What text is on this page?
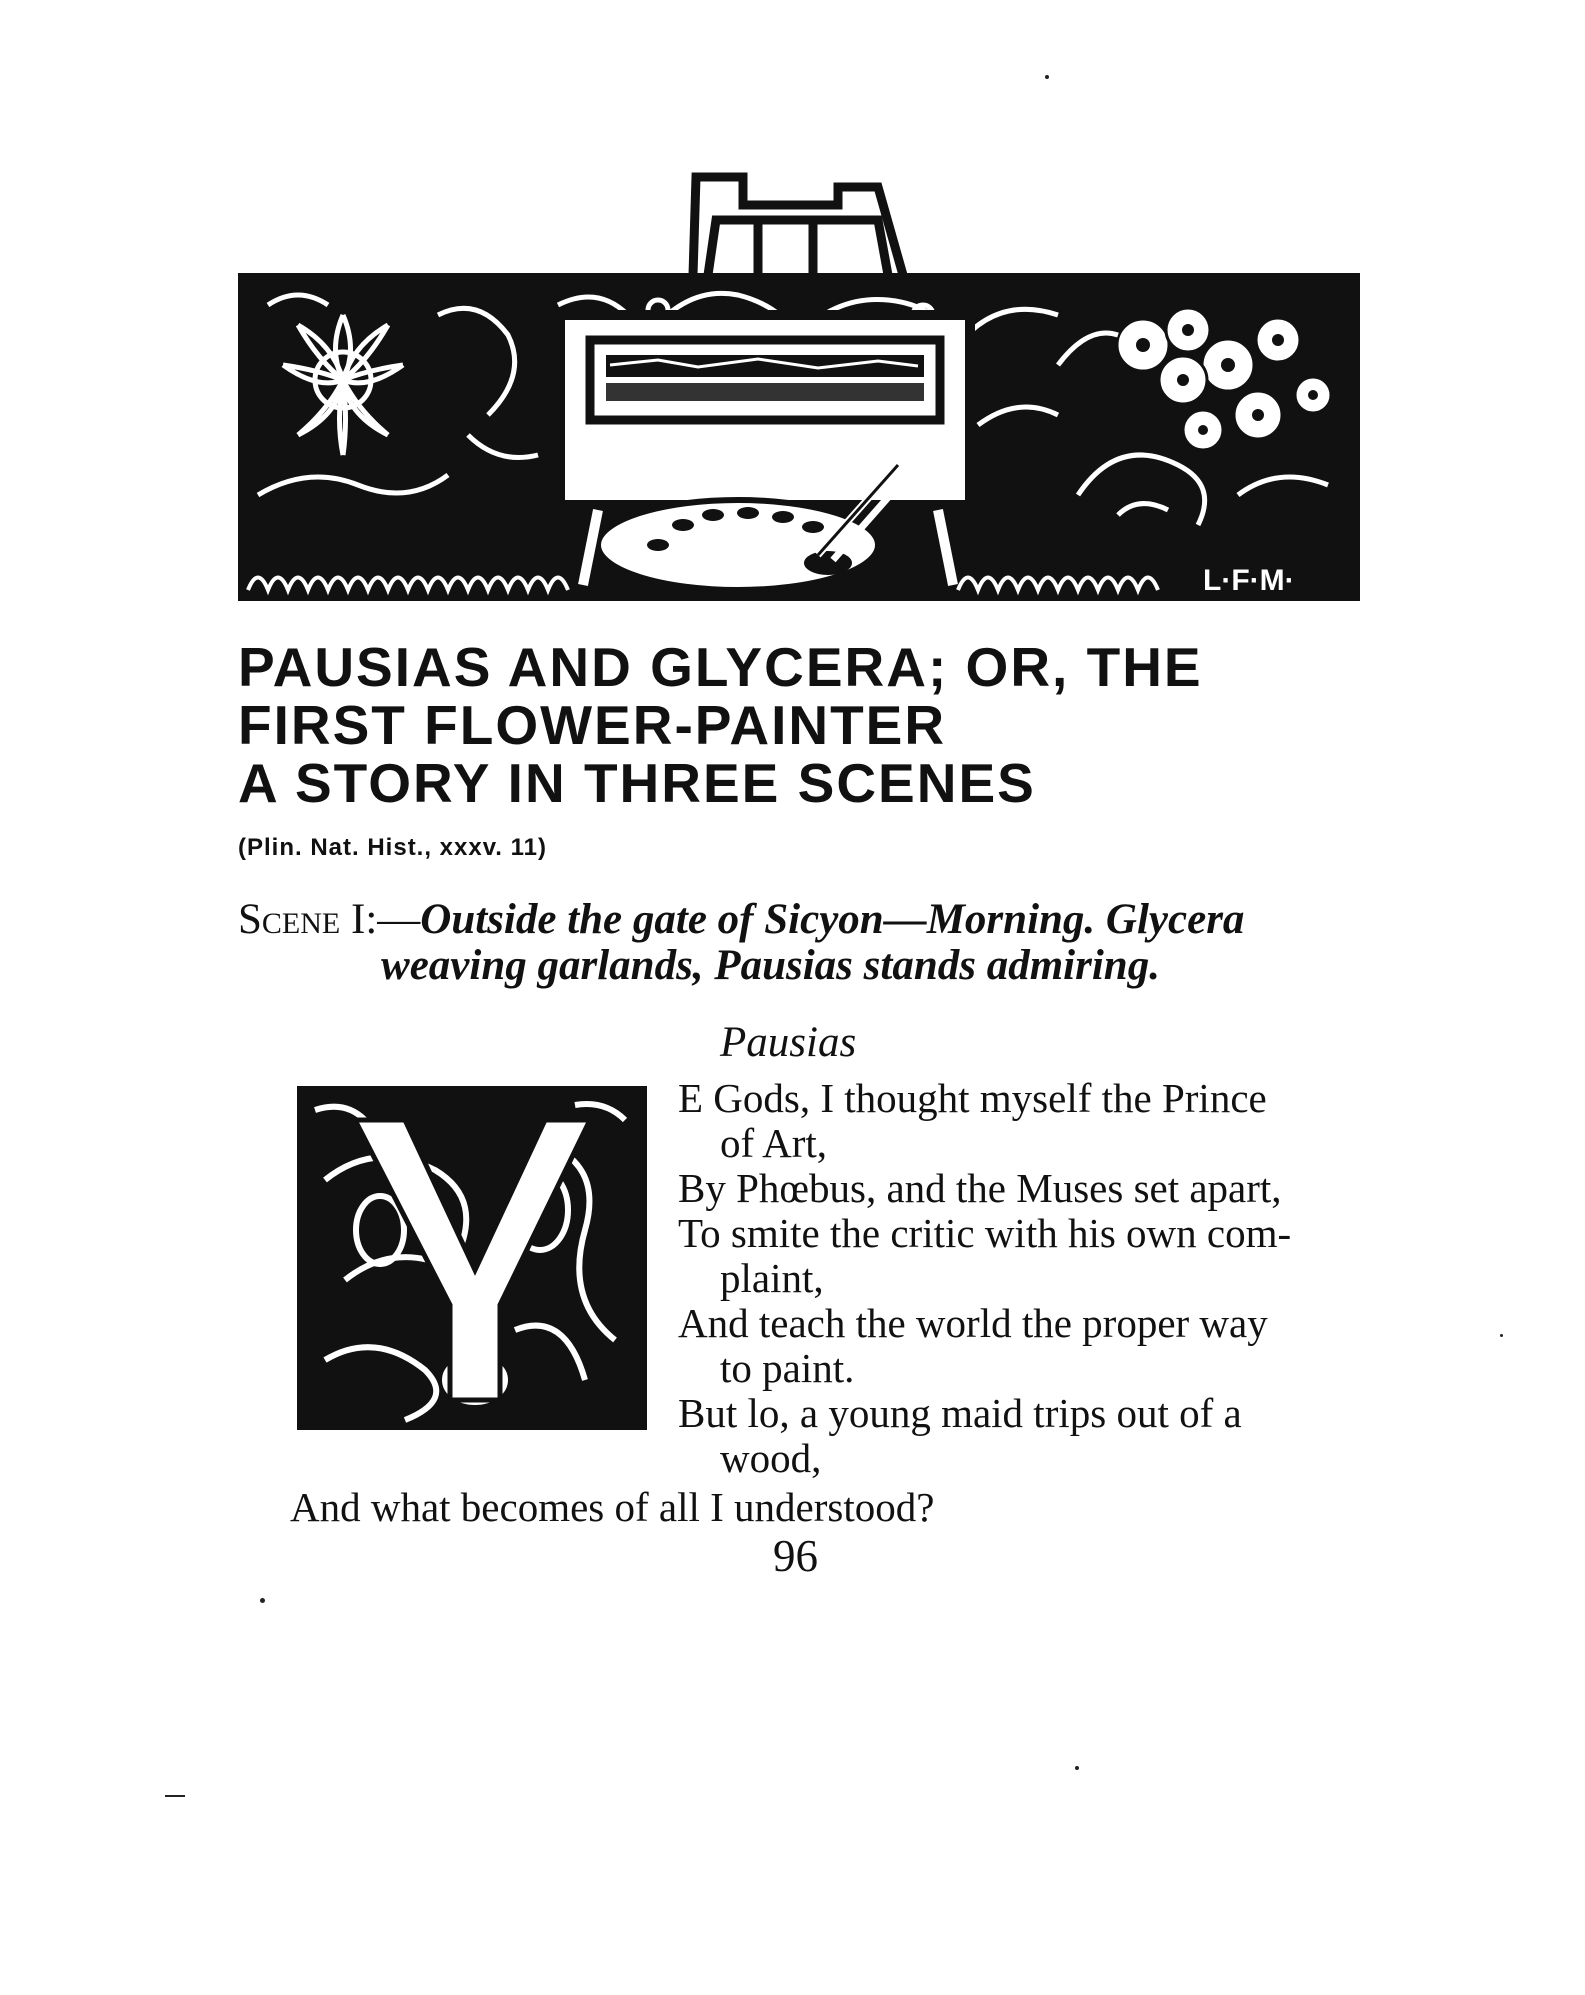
L·F·M·
PAUSIAS AND GLYCERA; OR, THE
FIRST FLOWER-PAINTER
A STORY IN THREE SCENES
(Plin. Nat. Hist., xxxv. 11)
Scene I:—Outside the gate of Sicyon—Morning. Glycera
weaving garlands, Pausias stands admiring.
Pausias
E Gods, I thought myself the Prince
of Art,
By Phœbus, and the Muses set apart,
To smite the critic with his own com-
plaint,
And teach the world the proper way
to paint.
But lo, a young maid trips out of a
wood,
And what becomes of all I understood?
96
